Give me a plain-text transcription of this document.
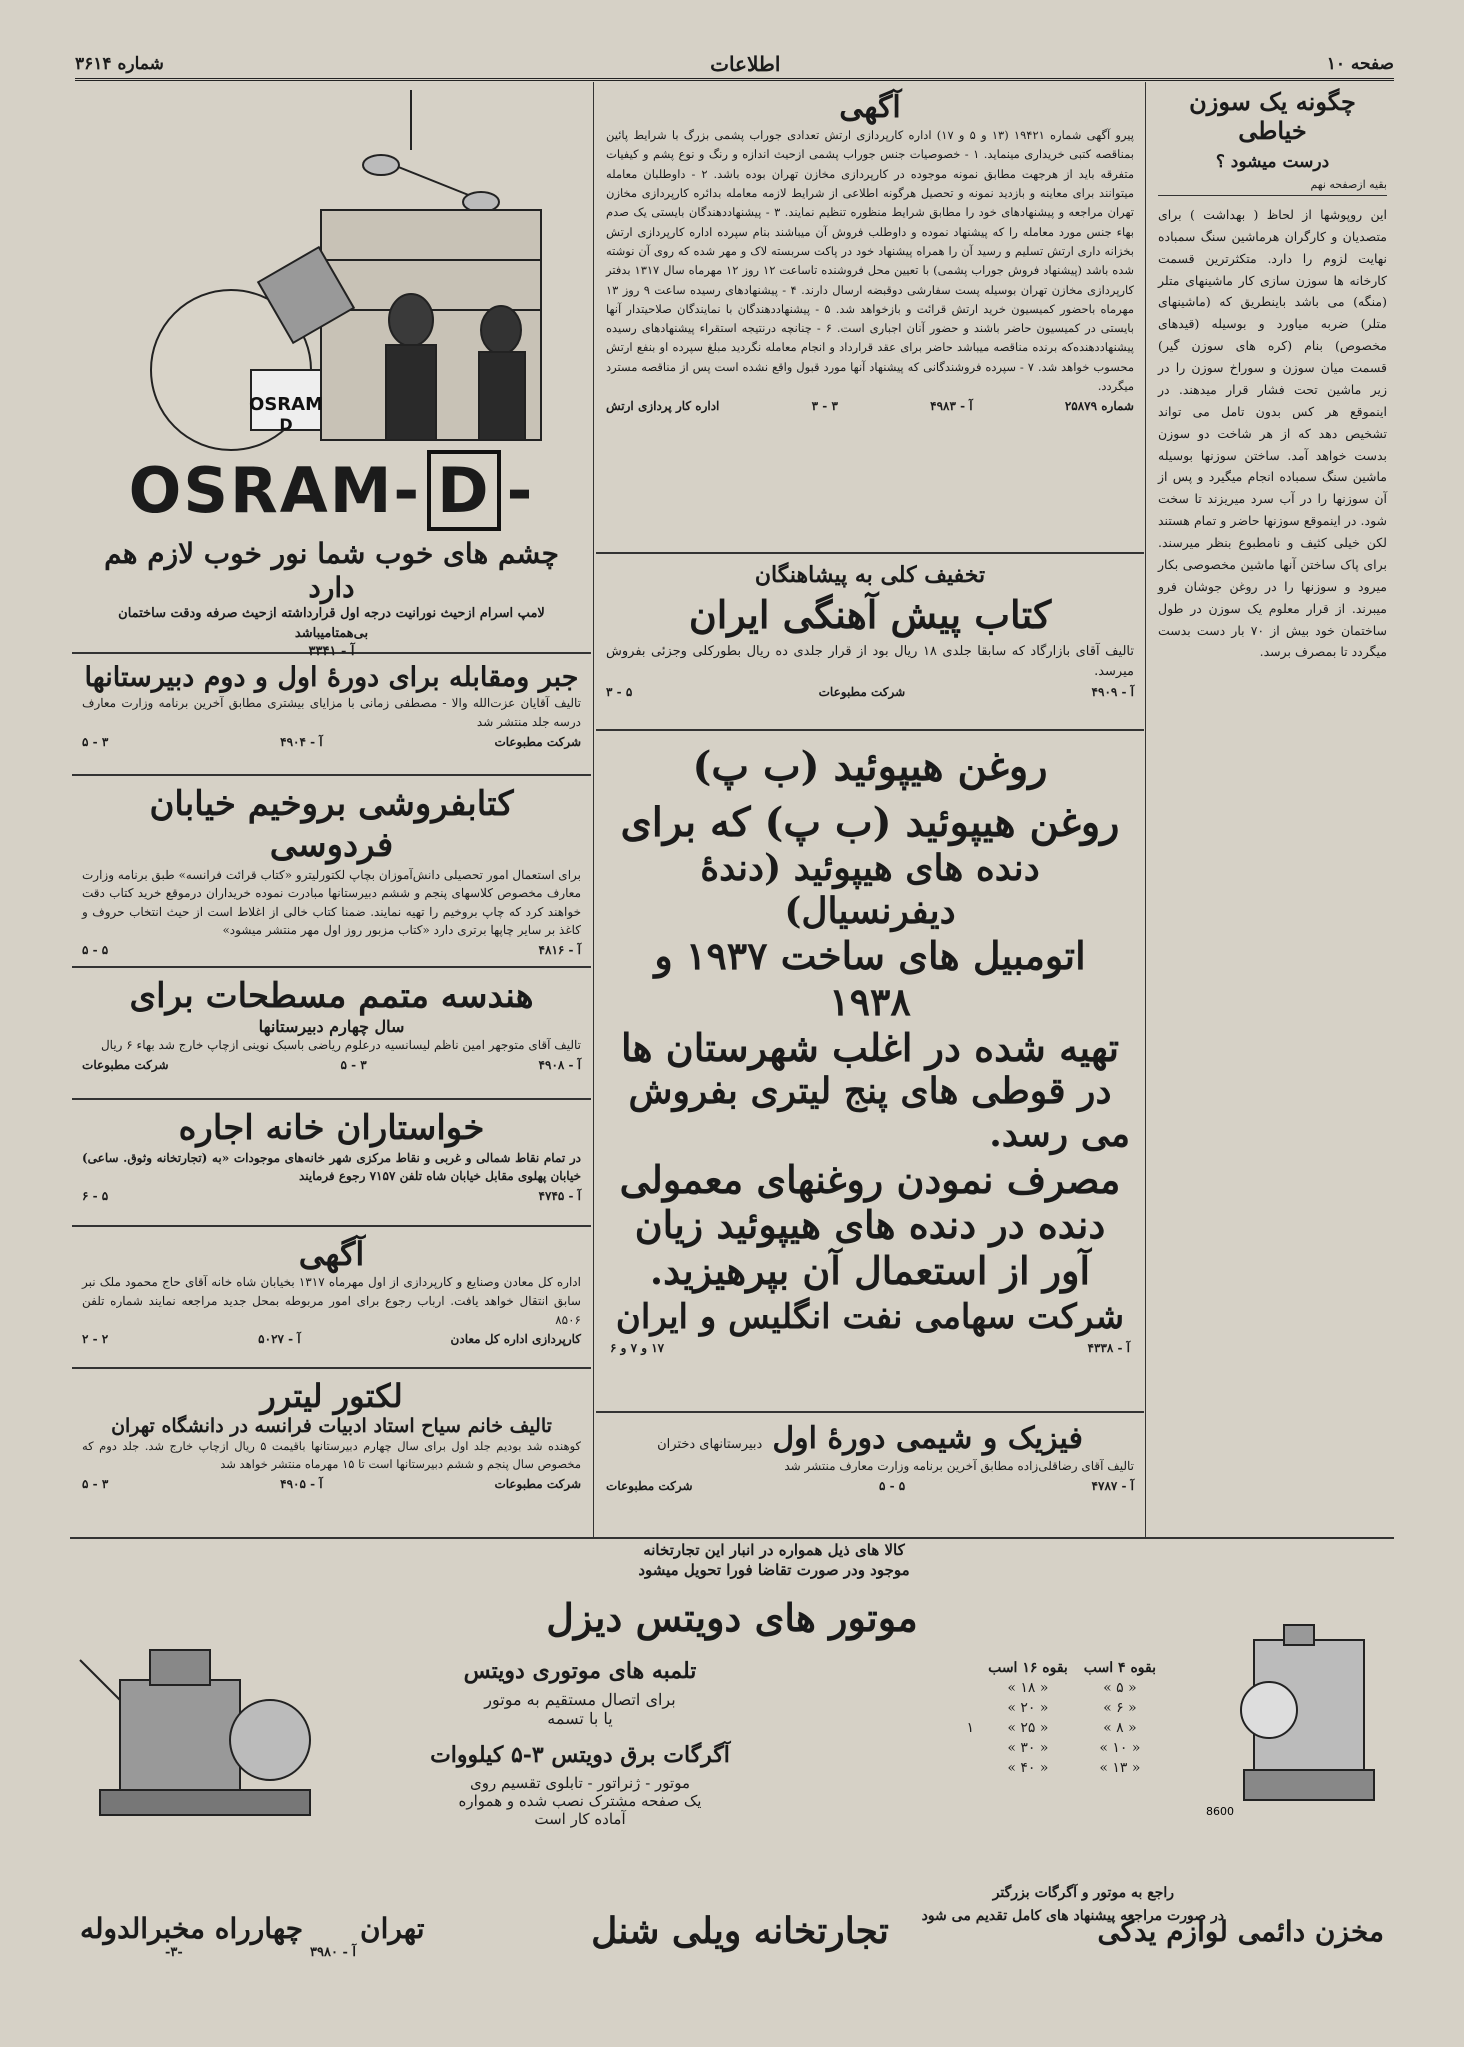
صفحه ۱۰
اطلاعات
شماره ۳۶۱۴
چگونه یک سوزن خیاطی
درست میشود ؟
بقیه ازصفحه نهم
این روپوشها از لحاظ ( بهداشت ) برای متصدیان و کارگران هرماشین سنگ سمباده نهایت لزوم را دارد. متکثرترین قسمت کارخانه ها سوزن سازی کار ماشینهای متلر (منگه) می باشد باینطریق که (ماشینهای متلر) ضربه میاورد و بوسیله (قیدهای مخصوص) بنام (کره های سوزن گیر) قسمت میان سوزن و سوراخ سوزن را در زیر ماشین تحت فشار قرار میدهند. در اینموقع هر کس بدون تامل می تواند تشخیص دهد که از هر شاخت دو سوزن بدست خواهد آمد. ساختن سوزنها بوسیله ماشین سنگ سمباده انجام میگیرد و پس از آن سوزنها را در آب سرد میریزند تا سخت شود. در اینموقع سوزنها حاضر و تمام هستند لکن خیلی کثیف و نامطبوع بنظر میرسند. برای پاک ساختن آنها ماشین مخصوصی بکار میرود و سوزنها را در روغن جوشان فرو میبرند. از قرار معلوم یک سوزن در طول ساختمان خود بیش از ۷۰ بار دست بدست میگردد تا بمصرف برسد.
آگهی
پیرو آگهی شماره ۱۹۴۲۱ (۱۳ و ۵ و ۱۷) اداره کارپردازی ارتش تعدادی جوراب پشمی بزرگ با شرایط پائین بمناقصه کتبی خریداری مینماید. ۱ - خصوصیات جنس جوراب پشمی ازحیث اندازه و رنگ و نوع پشم و کیفیات متفرقه باید از هرجهت مطابق نمونه موجوده در کارپردازی مخازن تهران بوده باشد. ۲ - داوطلبان معامله میتوانند برای معاینه و بازدید نمونه و تحصیل هرگونه اطلاعی از شرایط لازمه معامله بدائره کارپردازی مخازن تهران مراجعه و پیشنهادهای خود را مطابق شرایط منظوره تنظیم نمایند. ۳ - پیشنهاددهندگان بایستی یک صدم بهاء جنس مورد معامله را که پیشنهاد نموده و داوطلب فروش آن میباشند بنام سپرده اداره کارپردازی ارتش بخزانه داری ارتش تسلیم و رسید آن را همراه پیشنهاد خود در پاکت سربسته لاک و مهر شده که روی آن نوشته شده باشد (پیشنهاد فروش جوراب پشمی) با تعیین محل فروشنده تاساعت ۱۲ روز ۱۲ مهرماه سال ۱۳۱۷ بدفتر کارپردازی مخازن تهران بوسیله پست سفارشی دوقبضه ارسال دارند. ۴ - پیشنهادهای رسیده ساعت ۹ روز ۱۳ مهرماه باحضور کمیسیون خرید ارتش قرائت و بازخواهد شد. ۵ - پیشنهاددهندگان با نمایندگان صلاحیتدار آنها بایستی در کمیسیون حاضر باشند و حضور آنان اجباری است. ۶ - چنانچه درنتیجه استقراء پیشنهادهای رسیده پیشنهاددهنده‌که برنده مناقصه میباشد حاضر برای عقد قرارداد و انجام معامله نگردید مبلغ سپرده او بنفع ارتش محسوب خواهد شد. ۷ - سپرده فروشندگانی که پیشنهاد آنها مورد قبول واقع نشده است پس از مناقصه مسترد میگردد.
شماره ۲۵۸۷۹
آ - ۴۹۸۳
۳ - ۳
اداره کار پردازی ارتش
تخفیف کلی به پیشاهنگان
کتاب پیش آهنگی ایران
تالیف آقای بازارگاد که سابقا جلدی ۱۸ ریال بود از قرار جلدی ده ریال بطورکلی وجزئی بفروش میرسد.
آ - ۴۹۰۹
شرکت مطبوعات
۵ - ۳
روغن هیپوئید (ب پ)
روغن هیپوئید (ب پ) که برای
دنده های هیپوئید (دندهٔ دیفرنسیال)
اتومبیل های ساخت ۱۹۳۷ و ۱۹۳۸
تهیه شده در اغلب شهرستان ها
در قوطی های پنج لیتری بفروش
می رسد.
مصرف نمودن روغنهای معمولی
دنده در دنده های هیپوئید زیان
آور از استعمال آن بپرهیزید.
شرکت سهامی نفت انگلیس و ایران
آ - ۴۳۳۸
۱۷ و ۷ و ۶
فیزیک و شیمی دورهٔ اول
دبیرستانهای دختران
تالیف آقای رضاقلی‌زاده مطابق آخرین برنامه وزارت معارف منتشر شد
آ - ۴۷۸۷
۵ - ۵
شرکت مطبوعات
OSRAM
D
OSRAM- D -
چشم های خوب شما نور خوب لازم هم دارد
لامپ اسرام ازحیث نورانیت درجه اول قرارداشته ازحیث صرفه ودقت ساختمان بی‌همتامیباشد
آ - ۳۳۴۱
جبر ومقابله برای دورهٔ اول و دوم دبیرستانها
تالیف آقایان عزت‌الله والا - مصطفی زمانی با مزایای بیشتری مطابق آخرین برنامه وزارت معارف درسه جلد منتشر شد
شرکت مطبوعات
آ - ۴۹۰۴
۳ - ۵
کتابفروشی بروخیم خیابان فردوسی
برای استعمال امور تحصیلی دانش‌آموزان بچاپ لکتورلیترو «کتاب قرائت فرانسه» طبق برنامه وزارت معارف مخصوص کلاسهای پنجم و ششم دبیرستانها مبادرت نموده خریداران درموقع خرید کتاب دقت خواهند کرد که چاپ بروخیم را تهیه نمایند. ضمنا کتاب خالی از اغلاط است از حیث انتخاب حروف و کاغذ بر سایر چاپها برتری دارد «کتاب مزبور روز اول مهر منتشر میشود»
آ - ۴۸۱۶
۵ - ۵
هندسه متمم مسطحات برای
سال چهارم دبیرستانها
تالیف آقای متوجهر امین ناظم لیسانسیه درعلوم ریاضی باسبک نوینی ازچاپ خارج شد بهاء ۶ ریال
آ - ۴۹۰۸
۳ - ۵
شرکت مطبوعات
خواستاران خانه اجاره
در تمام نقاط شمالی و غربی و نقاط مرکزی شهر خانه‌های موجودات «به (تجارتخانه وثوق. ساعی) خیابان پهلوی مقابل خیابان شاه تلفن ۷۱۵۷ رجوع فرمایند
آ - ۴۷۴۵
۵ - ۶
آگهی
اداره کل معادن وصنایع و کارپردازی از اول مهرماه ۱۳۱۷ بخیابان شاه خانه آقای حاج محمود ملک نبر سابق انتقال خواهد یافت. ارباب رجوع برای امور مربوطه بمحل جدید مراجعه نمایند شماره تلفن ۸۵۰۶
کارپردازی اداره کل معادن
آ - ۵۰۲۷
۲ - ۲
لکتور لیترر
تالیف خانم سیاح استاد ادبیات فرانسه در دانشگاه تهران
کوهنده شد بودیم جلد اول برای سال چهارم دبیرستانها باقیمت ۵ ریال ازچاپ خارج شد. جلد دوم که مخصوص سال پنجم و ششم دبیرستانها است تا ۱۵ مهرماه منتشر خواهد شد
شرکت مطبوعات
آ - ۴۹۰۵
۳ - ۵
کالا های ذیل همواره در انبار این تجارتخانه
موجود ودر صورت تقاضا فورا تحویل میشود
موتور های دویتس دیزل
8600
بقوه ۴ اسب	بقوه ۱۶ اسب
« ۵ »	« ۱۸ »
« ۶ »	« ۲۰ »
« ۸ »	« ۲۵ »
« ۱۰ »	« ۳۰ »
« ۱۳ »	« ۴۰ »
۱
راجع به موتور و آگرگات بزرگتر
در صورت مراجعه پیشنهاد های کامل تقدیم می شود
تلمبه های موتوری دویتس
برای اتصال مستقیم به موتور
یا با تسمه
آگرگات برق دویتس ۳-۵ کیلووات
موتور - ژنراتور - تابلوی تقسیم روی
یک صفحه مشترک نصب شده و همواره
آماده کار است
مخزن دائمی لوازم یدکی
تجارتخانه ویلی شنل
تهران
چهارراه مخبرالدوله
آ - ۳۹۸۰
-۳-
